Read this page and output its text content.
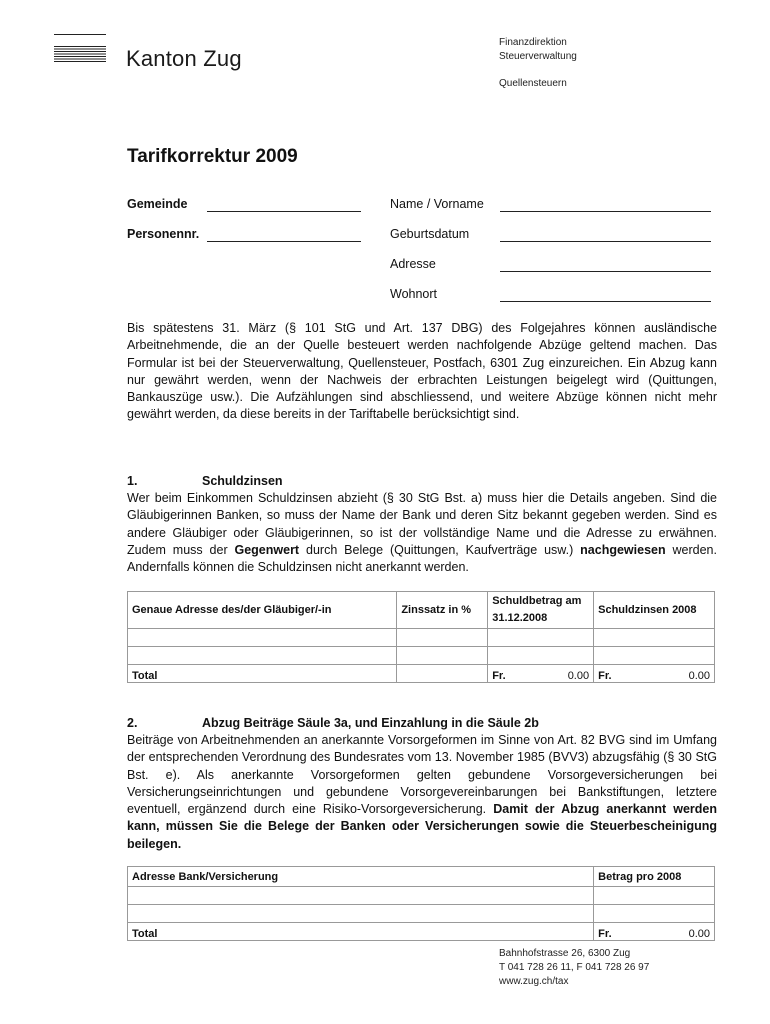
Kanton Zug
Finanzdirektion
Steuerverwaltung
Quellensteuern
Tarifkorrektur 2009
Gemeinde
Personennr.
Name / Vorname
Geburtsdatum
Adresse
Wohnort

Bis spätestens 31. März (§ 101 StG und Art. 137 DBG) des Folgejahres können ausländische Arbeitnehmende, die an der Quelle besteuert werden nachfolgende Abzüge geltend machen. Das Formular ist bei der Steuerverwaltung, Quellensteuer, Postfach, 6301 Zug einzureichen. Ein Abzug kann nur gewährt werden, wenn der Nachweis der erbrachten Leistungen beigelegt wird (Quittungen, Bankauszüge usw.). Die Aufzählungen sind abschliessend, und weitere Abzüge können nicht mehr gewährt werden, da diese bereits in der Tariftabelle berücksichtigt sind.

1.	Schuldzinsen

Wer beim Einkommen Schuldzinsen abzieht (§ 30 StG Bst. a) muss hier die Details angeben. Sind die Gläubigerinnen Banken, so muss der Name der Bank und deren Sitz bekannt gegeben werden. Sind es andere Gläubiger oder Gläubigerinnen, so ist der vollständige Name und die Adresse zu erwähnen. Zudem muss der Gegenwert durch Belege (Quittungen, Kaufverträge usw.) nachgewiesen werden. Andernfalls können die Schuldzinsen nicht anerkannt werden.

Genaue Adresse des/der Gläubiger/-in	Zinssatz in %	Schuldbetrag am 31.12.2008	Schuldzinsen 2008

Total		Fr. 0.00	Fr. 0.00
2.	Abzug Beiträge Säule 3a, und Einzahlung in die Säule 2b

Beiträge von Arbeitnehmenden an anerkannte Vorsorgeformen im Sinne von Art. 82 BVG sind im Umfang der entsprechenden Verordnung des Bundesrates vom 13. November 1985 (BVV3) abzugsfähig (§ 30 StG Bst. e). Als anerkannte Vorsorgeformen gelten gebundene Vorsorgeversicherungen bei Versicherungseinrichtungen und gebundene Vorsorgevereinbarungen bei Bankstiftungen, letztere eventuell, ergänzend durch eine Risiko-Vorsorgeversicherung. Damit der Abzug anerkannt werden kann, müssen Sie die Belege der Banken oder Versicherungen sowie die Steuerbescheinigung beilegen.

Adresse Bank/Versicherung	Betrag pro 2008

Total	Fr. 0.00
Bahnhofstrasse 26, 6300 Zug
T 041 728 26 11, F 041 728 26 97
www.zug.ch/tax
